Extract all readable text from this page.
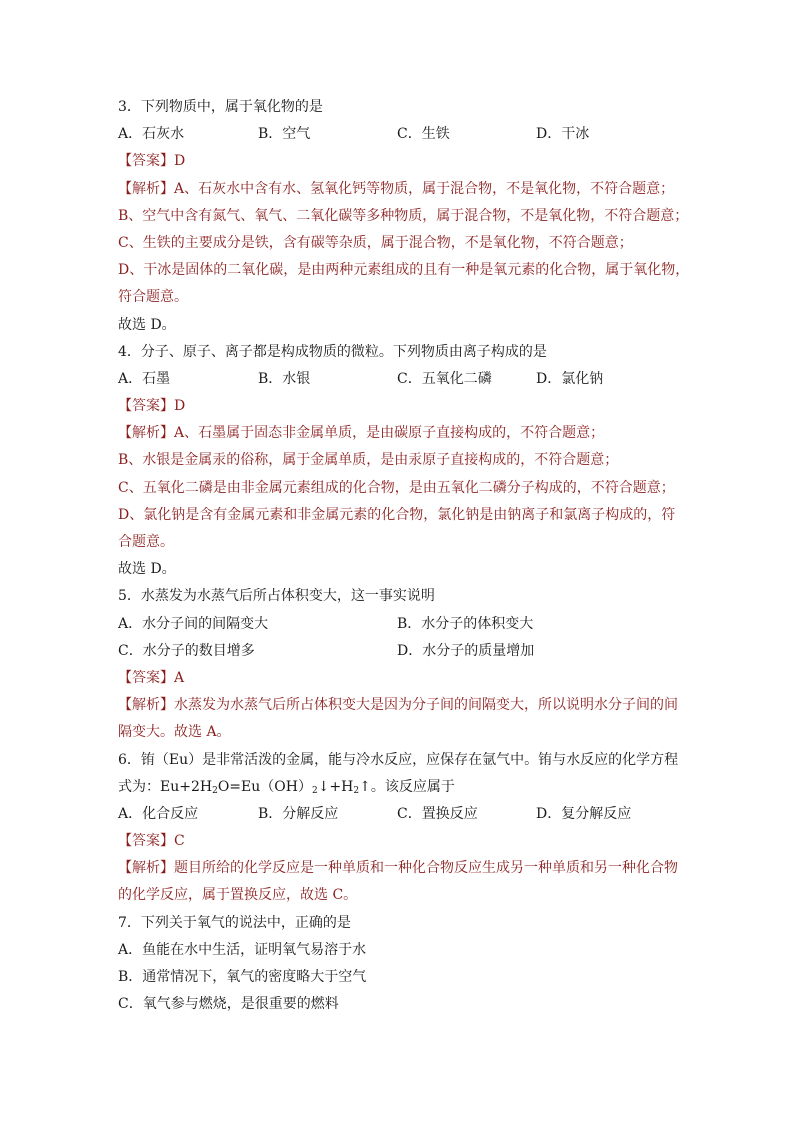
3．下列物质中，属于氧化物的是
A．石灰水	B．空气	C．生铁	D．干冰
【答案】D
【解析】A、石灰水中含有水、氢氧化钙等物质，属于混合物，不是氧化物，不符合题意；
B、空气中含有氮气、氧气、二氧化碳等多种物质，属于混合物，不是氧化物，不符合题意；
C、生铁的主要成分是铁，含有碳等杂质，属于混合物，不是氧化物，不符合题意；
D、干冰是固体的二氧化碳，是由两种元素组成的且有一种是氧元素的化合物，属于氧化物，
符合题意。
故选 D。
4．分子、原子、离子都是构成物质的微粒。下列物质由离子构成的是
A．石墨	B．水银	C．五氧化二磷	D．氯化钠
【答案】D
【解析】A、石墨属于固态非金属单质，是由碳原子直接构成的，不符合题意；
B、水银是金属汞的俗称，属于金属单质，是由汞原子直接构成的，不符合题意；
C、五氧化二磷是由非金属元素组成的化合物，是由五氧化二磷分子构成的，不符合题意；
D、氯化钠是含有金属元素和非金属元素的化合物，氯化钠是由钠离子和氯离子构成的，符
合题意。
故选 D。
5．水蒸发为水蒸气后所占体积变大，这一事实说明
A．水分子间的间隔变大	B．水分子的体积变大
C．水分子的数目增多	D．水分子的质量增加
【答案】A
【解析】水蒸发为水蒸气后所占体积变大是因为分子间的间隔变大，所以说明水分子间的间
隔变大。故选 A。
6．铕（Eu）是非常活泼的金属，能与冷水反应，应保存在氩气中。铕与水反应的化学方程
式为：$Eu+2H_2O=Eu(OH)_2↓+H_2↑$。该反应属于
A．化合反应	B．分解反应	C．置换反应	D．复分解反应
【答案】C
【解析】题目所给的化学反应是一种单质和一种化合物反应生成另一种单质和另一种化合物
的化学反应，属于置换反应，故选 C。
7．下列关于氧气的说法中，正确的是
A．鱼能在水中生活，证明氧气易溶于水
B．通常情况下，氧气的密度略大于空气
C．氧气参与燃烧，是很重要的燃料
